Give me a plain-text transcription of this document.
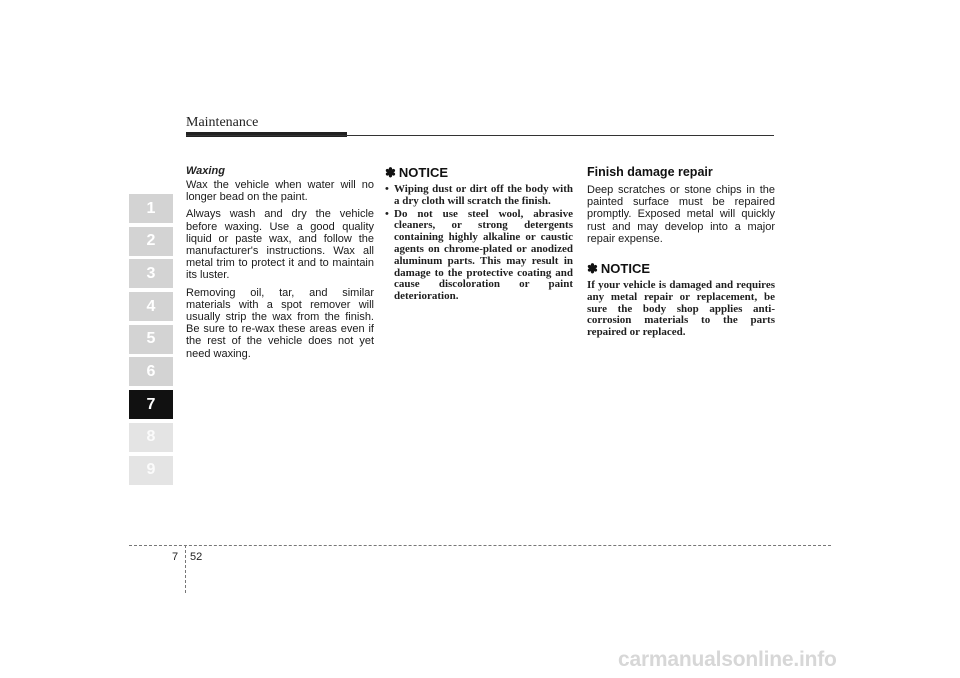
Maintenance
1
2
3
4
5
6
7
8
9
Waxing

Wax the vehicle when water will no longer bead on the paint.

Always wash and dry the vehicle before waxing. Use a good quality liquid or paste wax, and follow the manufacturer's instructions. Wax all metal trim to protect it and to maintain its luster.

Removing oil, tar, and similar materials with a spot remover will usually strip the wax from the finish. Be sure to re-wax these areas even if the rest of the vehicle does not yet need waxing.

✽ NOTICE
• Wiping dust or dirt off the body with a dry cloth will scratch the finish.
• Do not use steel wool, abrasive cleaners, or strong detergents containing highly alkaline or caustic agents on chrome-plated or anodized aluminum parts. This may result in damage to the protective coating and cause discoloration or paint deterioration.
Finish damage repair

Deep scratches or stone chips in the painted surface must be repaired promptly. Exposed metal will quickly rust and may develop into a major repair expense.

✽ NOTICE

If your vehicle is damaged and requires any metal repair or replacement, be sure the body shop applies anti-corrosion materials to the parts repaired or replaced.

7 52
carmanualsonline.info
